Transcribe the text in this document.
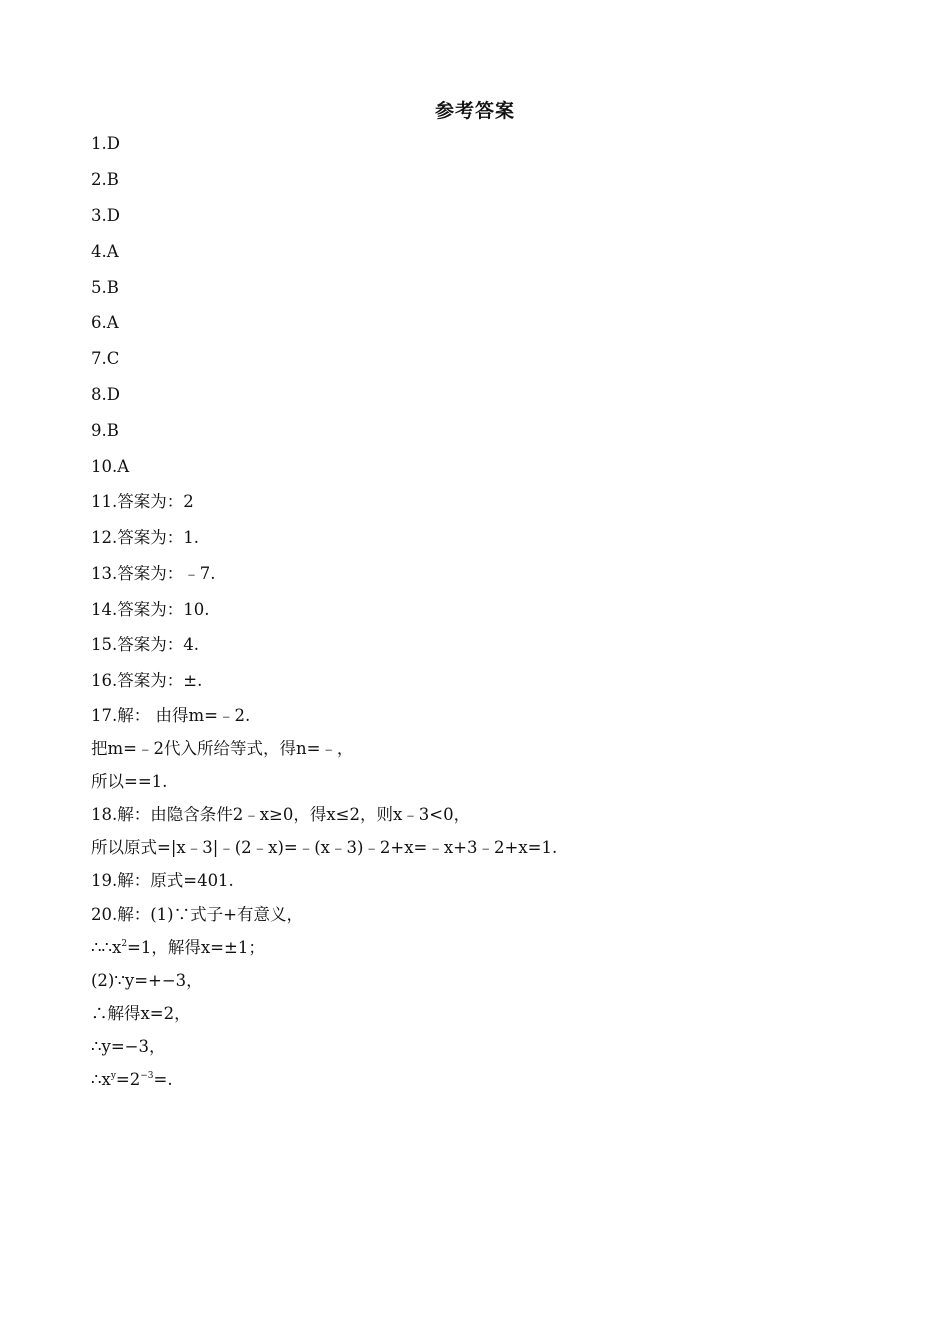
参考答案
1.D
2.B
3.D
4.A
5.B
6.A
7.C
8.D
9.B
10.A
11.答案为：2
12.答案为：1.
13.答案为：﹣7.
14.答案为：10.
15.答案为：4.
16.答案为：±.
17.解： 由得m=﹣2.
把m=﹣2代入所给等式，得n=﹣，
所以==1.
18.解：由隐含条件2﹣x≥0，得x≤2，则x﹣3<0，
所以原式=|x﹣3|﹣(2﹣x)=﹣(x﹣3)﹣2+x=﹣x+3﹣2+x=1.
19.解：原式=401.
20.解：(1)∵式子+有意义，
$\therefore\therefore x^2=1$，解得x=±1；
(2)∵y=+−3，
∴解得x=2，
∴y=−3，
$\therefore x^y=2^{-3}=$.
